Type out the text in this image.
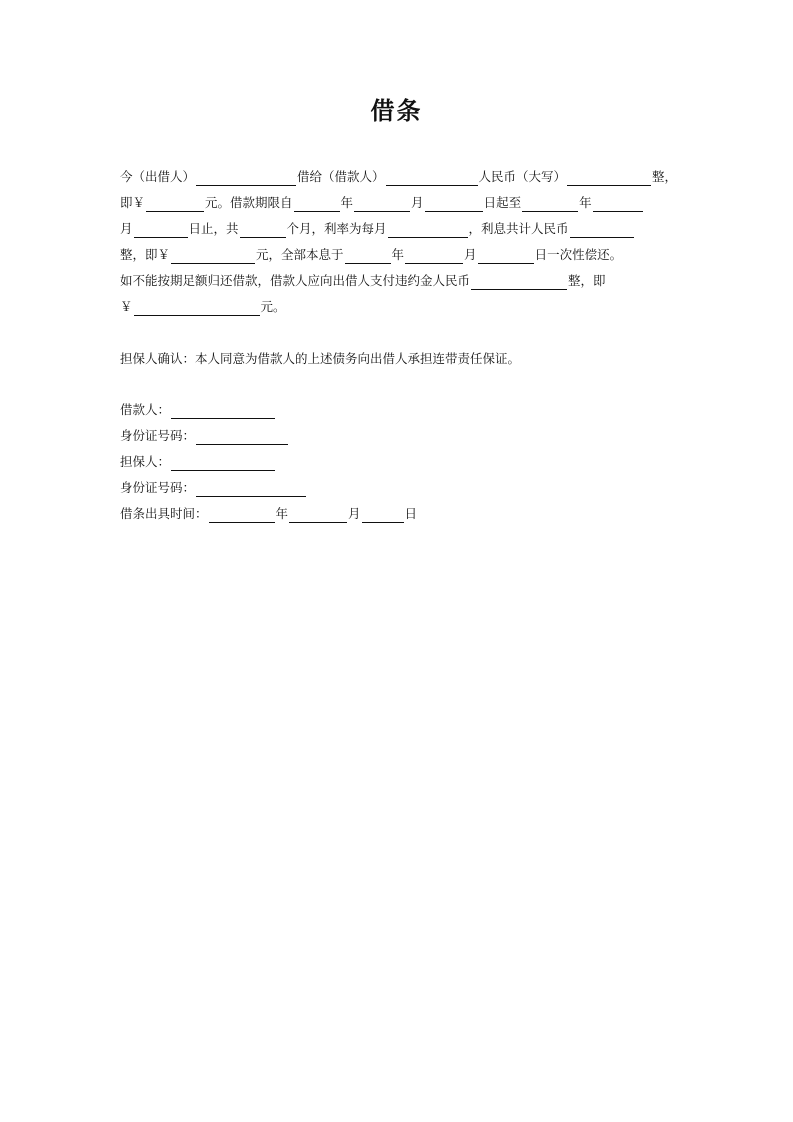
借条
今（出借人）	借给（借款人）	人民币（大写）	整，
即￥	元。借款期限自	年	月	日起至	年
月	日止，共	个月，利率为每月	，利息共计人民币
整，即￥	元，全部本息于	年	月	日一次性偿还。
如不能按期足额归还借款，借款人应向出借人支付违约金人民币	整，即
￥	元。
担保人确认：本人同意为借款人的上述债务向出借人承担连带责任保证。
借款人：
身份证号码：
担保人：
身份证号码：
借条出具时间：	年	月	日
